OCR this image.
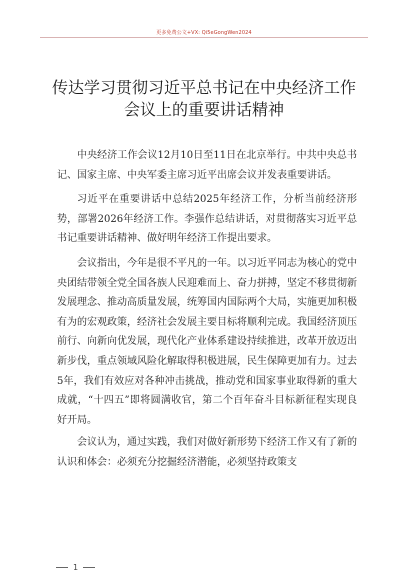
更多免费公文+VX: Qi5eGongWen2024
传达学习贯彻习近平总书记在中央经济工作会议上的重要讲话精神

中央经济工作会议12月10日至11日在北京举行。中共中央总书记、国家主席、中央军委主席习近平出席会议并发表重要讲话。

习近平在重要讲话中总结2025年经济工作，分析当前经济形势，部署2026年经济工作。李强作总结讲话，对贯彻落实习近平总书记重要讲话精神、做好明年经济工作提出要求。

会议指出，今年是很不平凡的一年。以习近平同志为核心的党中央团结带领全党全国各族人民迎难而上、奋力拼搏，坚定不移贯彻新发展理念、推动高质量发展，统筹国内国际两个大局，实施更加积极有为的宏观政策，经济社会发展主要目标将顺利完成。我国经济顶压前行、向新向优发展，现代化产业体系建设持续推进，改革开放迈出新步伐，重点领域风险化解取得积极进展，民生保障更加有力。过去5年，我们有效应对各种冲击挑战，推动党和国家事业取得新的重大成就，“十四五”即将圆满收官，第二个百年奋斗目标新征程实现良好开局。

会议认为，通过实践，我们对做好新形势下经济工作又有了新的认识和体会：必须充分挖掘经济潜能，必须坚持政策支

1
